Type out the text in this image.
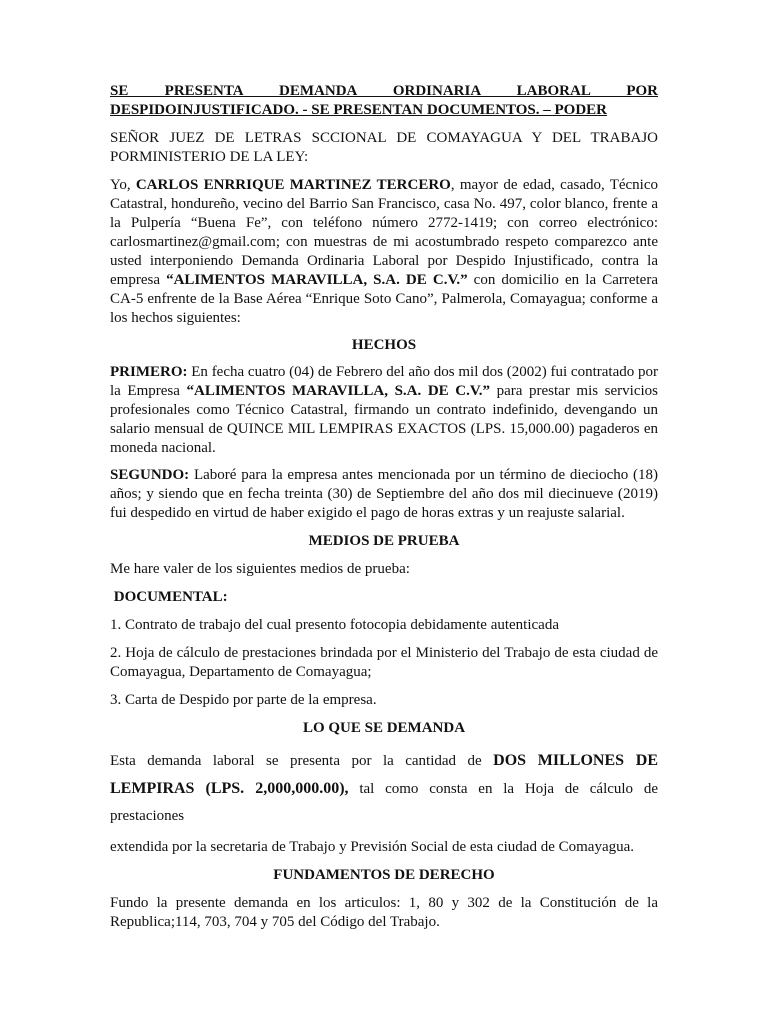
SE PRESENTA DEMANDA ORDINARIA LABORAL POR
DESPIDOINJUSTIFICADO. - SE PRESENTAN DOCUMENTOS. – PODER

SEÑOR JUEZ DE LETRAS SCCIONAL DE COMAYAGUA Y DEL TRABAJO PORMINISTERIO DE LA LEY:

Yo, CARLOS ENRRIQUE MARTINEZ TERCERO, mayor de edad, casado, Técnico Catastral, hondureño, vecino del Barrio San Francisco, casa No. 497, color blanco, frente a la Pulpería “Buena Fe”, con teléfono número 2772-1419; con correo electrónico: carlosmartinez@gmail.com; con muestras de mi acostumbrado respeto comparezco ante usted interponiendo Demanda Ordinaria Laboral por Despido Injustificado, contra la empresa “ALIMENTOS MARAVILLA, S.A. DE C.V.” con domicilio en la Carretera CA-5 enfrente de la Base Aérea “Enrique Soto Cano”, Palmerola, Comayagua; conforme a los hechos siguientes:

HECHOS

PRIMERO: En fecha cuatro (04) de Febrero del año dos mil dos (2002) fui contratado por la Empresa “ALIMENTOS MARAVILLA, S.A. DE C.V.” para prestar mis servicios profesionales como Técnico Catastral, firmando un contrato indefinido, devengando un salario mensual de QUINCE MIL LEMPIRAS EXACTOS (LPS. 15,000.00) pagaderos en moneda nacional.

SEGUNDO: Laboré para la empresa antes mencionada por un término de dieciocho (18) años; y siendo que en fecha treinta (30) de Septiembre del año dos mil diecinueve (2019) fui despedido en virtud de haber exigido el pago de horas extras y un reajuste salarial.

MEDIOS DE PRUEBA

Me hare valer de los siguientes medios de prueba:

DOCUMENTAL:

1. Contrato de trabajo del cual presento fotocopia debidamente autenticada

2. Hoja de cálculo de prestaciones brindada por el Ministerio del Trabajo de esta ciudad de Comayagua, Departamento de Comayagua;

3. Carta de Despido por parte de la empresa.

LO QUE SE DEMANDA

Esta demanda laboral se presenta por la cantidad de DOS MILLONES DE LEMPIRAS (LPS. 2,000,000.00), tal como consta en la Hoja de cálculo de prestaciones

extendida por la secretaria de Trabajo y Previsión Social de esta ciudad de Comayagua.

FUNDAMENTOS DE DERECHO

Fundo la presente demanda en los articulos: 1, 80 y 302 de la Constitución de la Republica;114, 703, 704 y 705 del Código del Trabajo.
